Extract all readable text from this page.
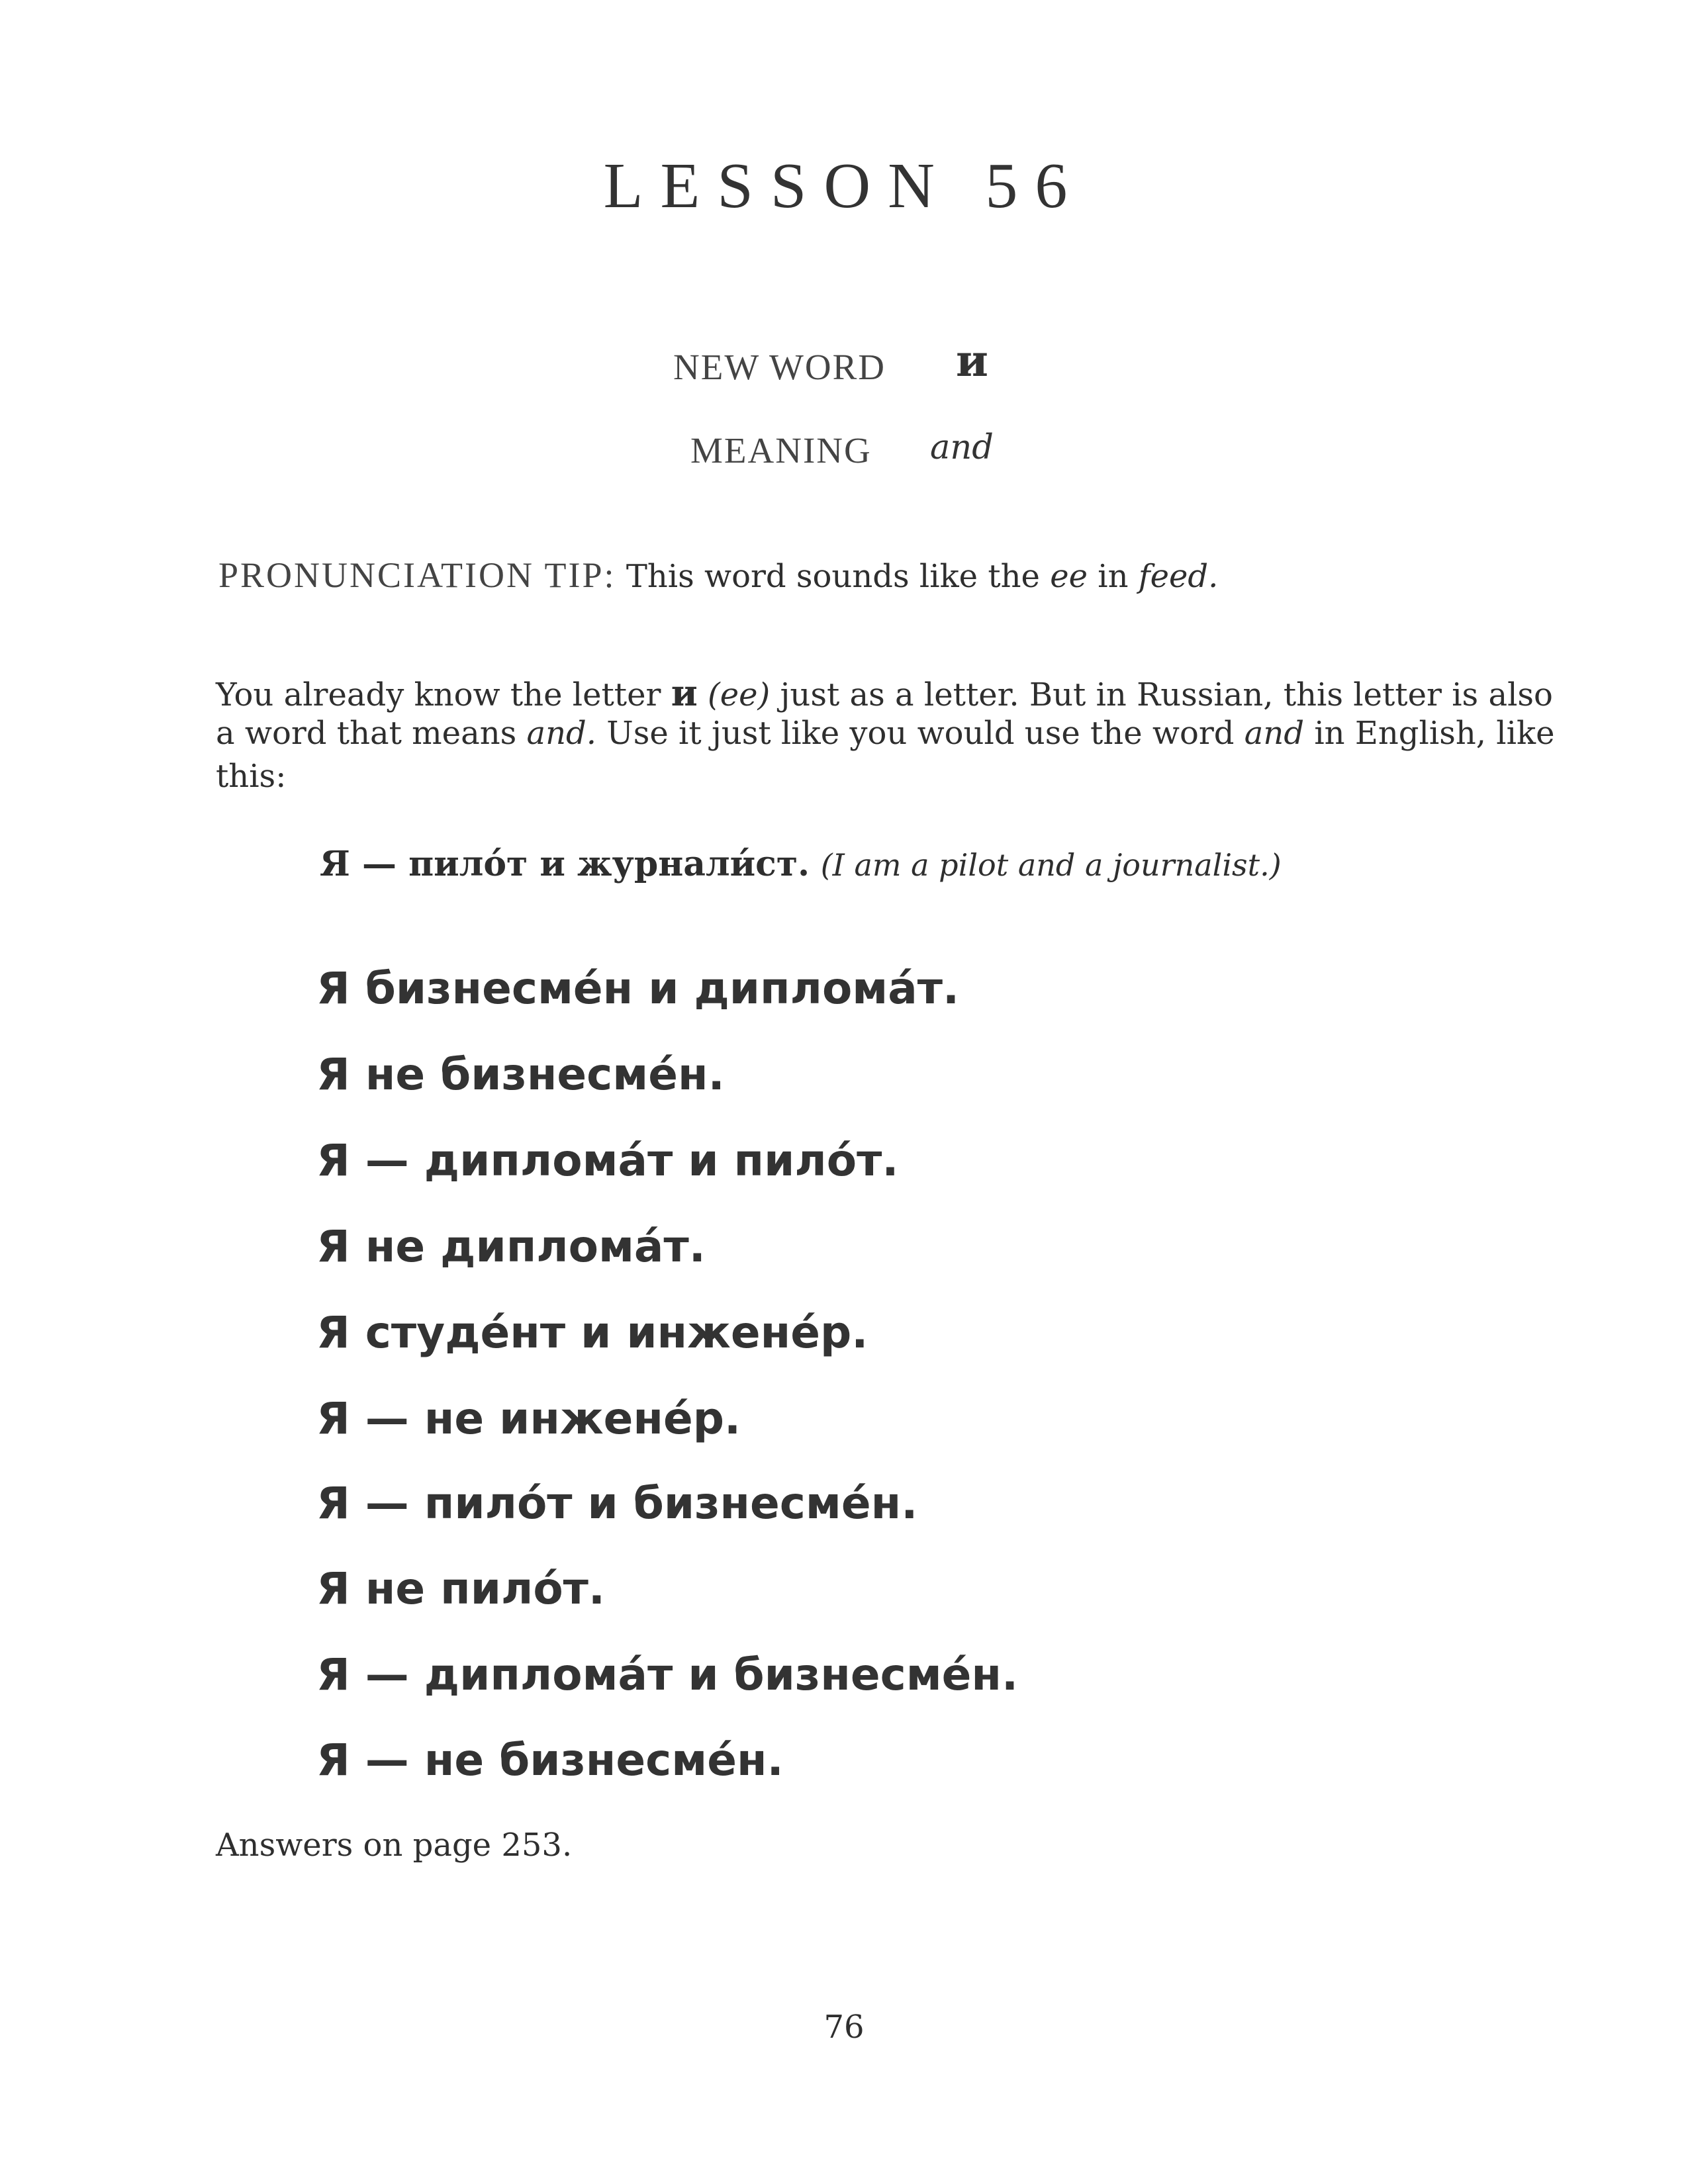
LESSON 56
NEW WORD и
MEANING and
PRONUNCIATION TIP: This word sounds like the ee in feed.
You already know the letter и (ee) just as a letter. But in Russian, this letter is also
a word that means and. Use it just like you would use the word and in English, like
this:
Я — пило́т и журнали́ст. (I am a pilot and a journalist.)
Я бизнесме́н и диплома́т.
Я не бизнесме́н.
Я — диплома́т и пило́т.
Я не диплома́т.
Я студе́нт и инжене́р.
Я — не инжене́р.
Я — пило́т и бизнесме́н.
Я не пило́т.
Я — диплома́т и бизнесме́н.
Я — не бизнесме́н.
Answers on page 253.
76
